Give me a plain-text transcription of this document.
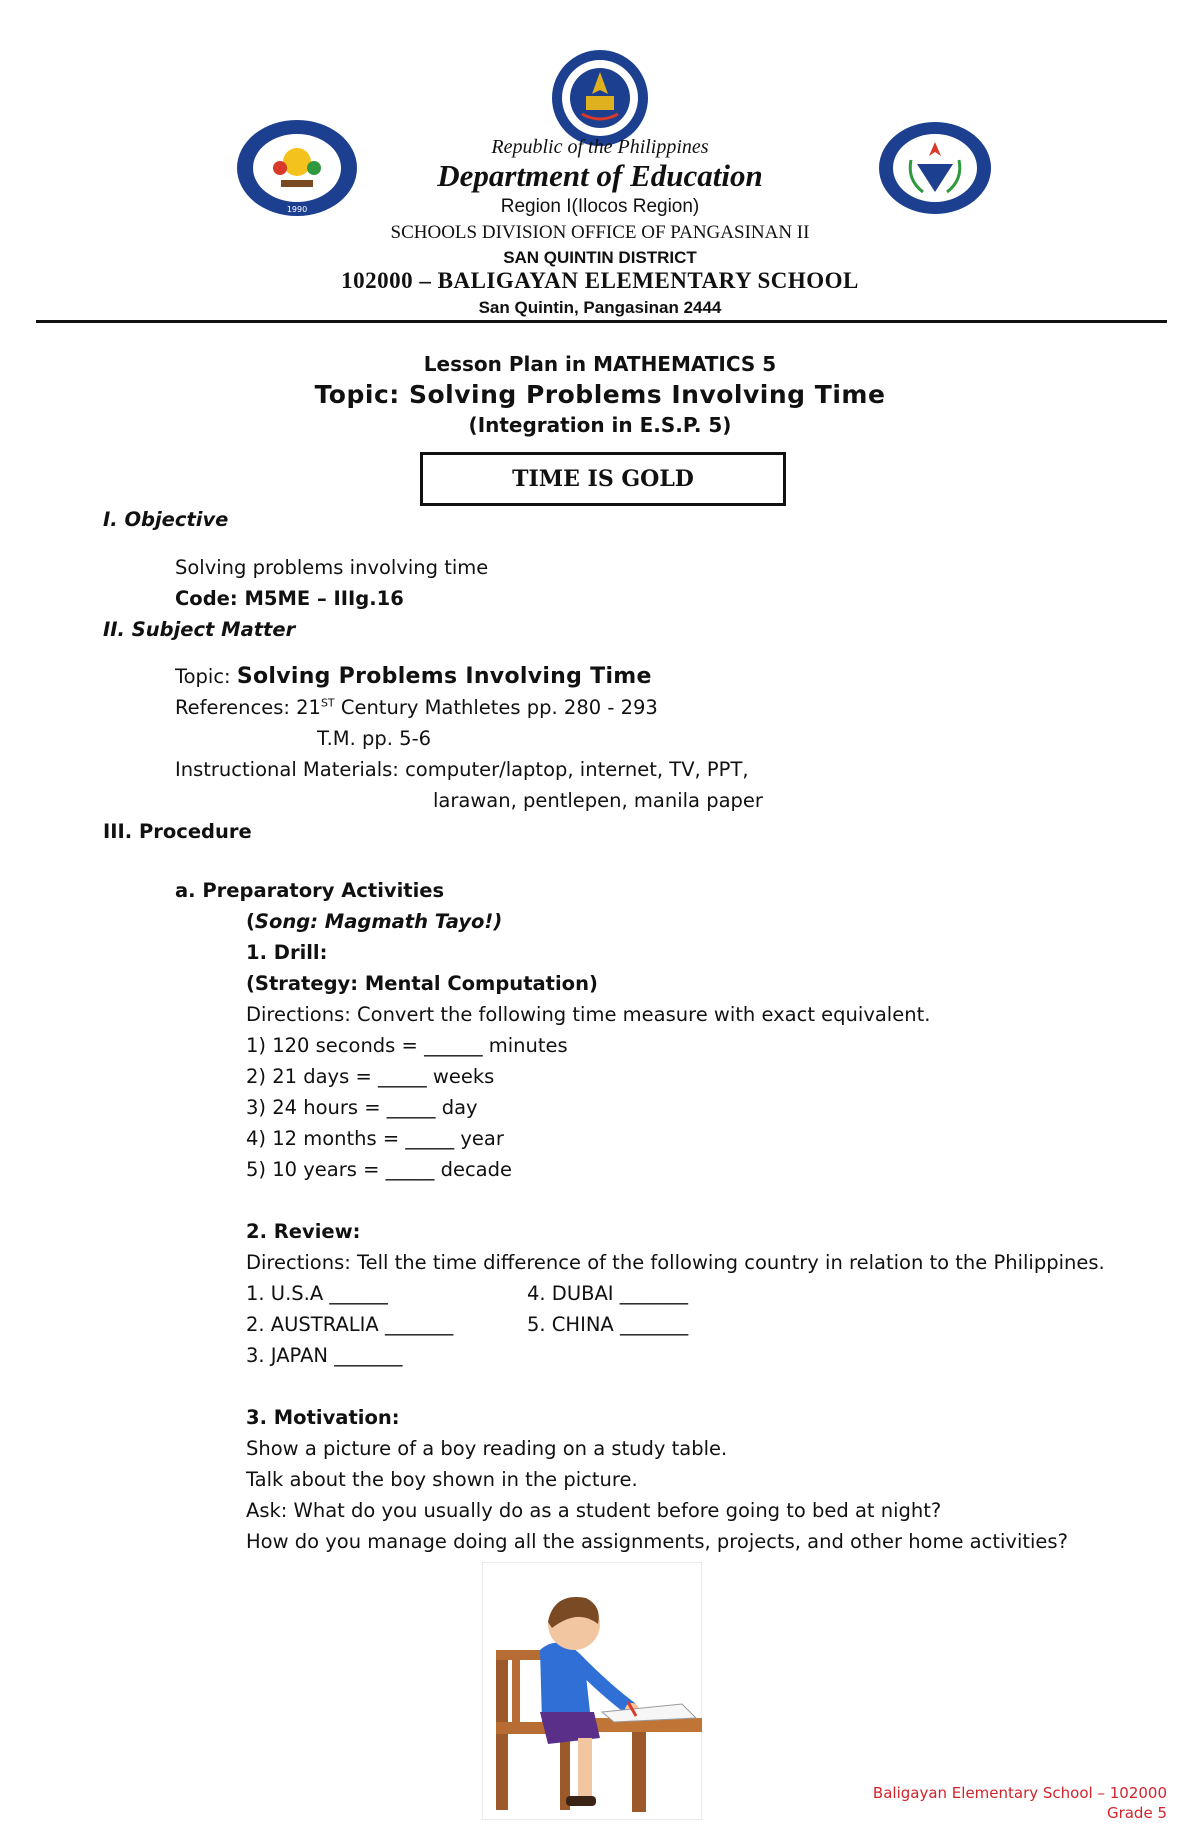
1990
Republic of the Philippines
Department of Education
Region I(Ilocos Region)
SCHOOLS DIVISION OFFICE OF PANGASINAN II
SAN QUINTIN DISTRICT
102000 – BALIGAYAN ELEMENTARY SCHOOL
San Quintin, Pangasinan 2444
Lesson Plan in MATHEMATICS 5
Topic: Solving Problems Involving Time
(Integration in E.S.P. 5)
TIME IS GOLD
I. Objective
Solving problems involving time
Code: M5ME – IIIg.16
II. Subject Matter
Topic: Solving Problems Involving Time
References: 21ST Century Mathletes pp. 280 - 293
T.M. pp. 5-6
Instructional Materials: computer/laptop, internet, TV, PPT,
larawan, pentlepen, manila paper
III. Procedure
a. Preparatory Activities
(Song: Magmath Tayo!)
1. Drill:
(Strategy: Mental Computation)
Directions: Convert the following time measure with exact equivalent.
1) 120 seconds = ______ minutes
2) 21 days = _____ weeks
3) 24 hours = _____ day
4) 12 months = _____ year
5) 10 years = _____ decade
2. Review:
Directions: Tell the time difference of the following country in relation to the Philippines.
1. U.S.A ______
2. AUSTRALIA _______
3. JAPAN _______
4. DUBAI _______
5. CHINA _______
3. Motivation:
Show a picture of a boy reading on a study table.
Talk about the boy shown in the picture.
Ask: What do you usually do as a student before going to bed at night?
How do you manage doing all the assignments, projects, and other home activities?
Baligayan Elementary School – 102000
Grade 5
